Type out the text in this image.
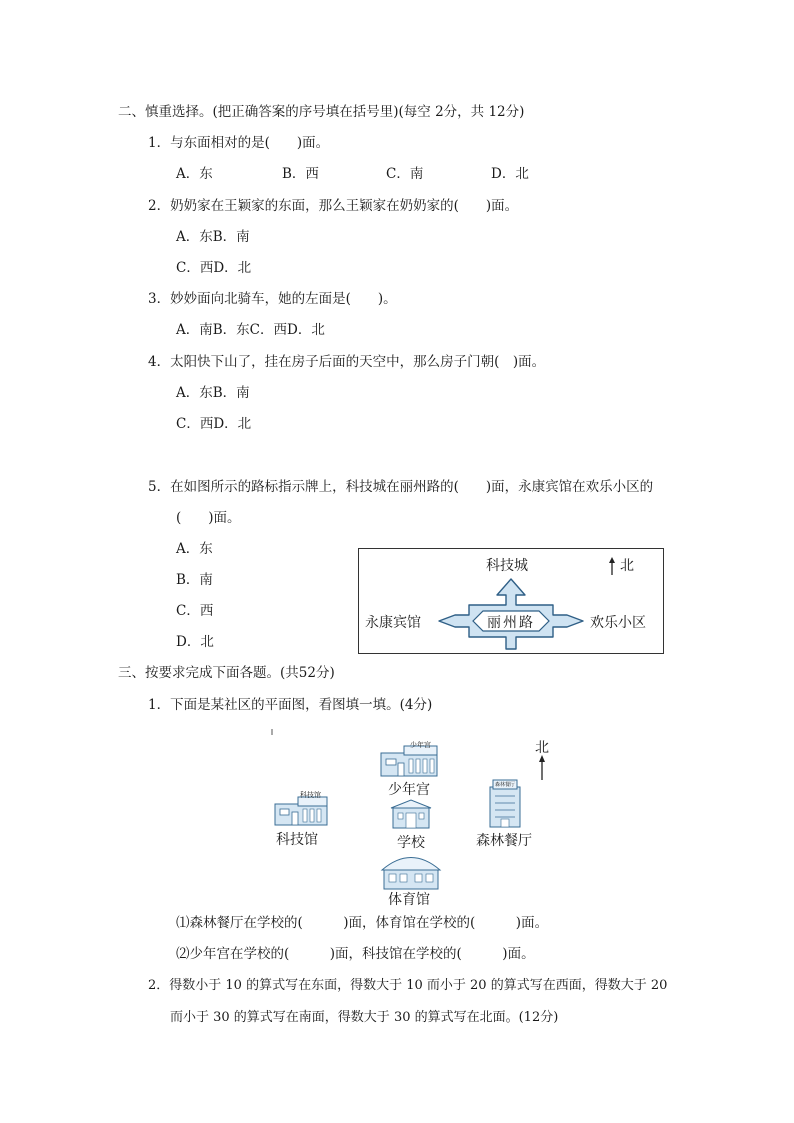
二、慎重选择。(把正确答案的序号填在括号里)(每空 2分，共 12分)
1．与东面相对的是(　　)面。
A．东	B．西	C．南	D．北
2．奶奶家在王颖家的东面，那么王颖家在奶奶家的(　　)面。
A．东B．南
C．西D．北
3．妙妙面向北骑车，她的左面是(　　)。
A．南B．东C．西D．北
4．太阳快下山了，挂在房子后面的天空中，那么房子门朝(　)面。
A．东B．南
C．西D．北
5．在如图所示的路标指示牌上，科技城在丽州路的(　　)面，永康宾馆在欢乐小区的
(　　)面。
A．东
B．南
C．西
D．北
科技城
永康宾馆	欢乐小区
丽州路
北
三、按要求完成下面各题。(共52分)
1．下面是某社区的平面图，看图填一填。(4分)
少年宫
科技馆
森林餐厅
少年宫
科技馆	学校	森林餐厅
体育馆
北
⑴森林餐厅在学校的(　　　)面，体育馆在学校的(　　　)面。
⑵少年宫在学校的(　　　)面，科技馆在学校的(　　　)面。
2．得数小于 10 的算式写在东面，得数大于 10 而小于 20 的算式写在西面，得数大于 20
而小于 30 的算式写在南面，得数大于 30 的算式写在北面。(12分)
